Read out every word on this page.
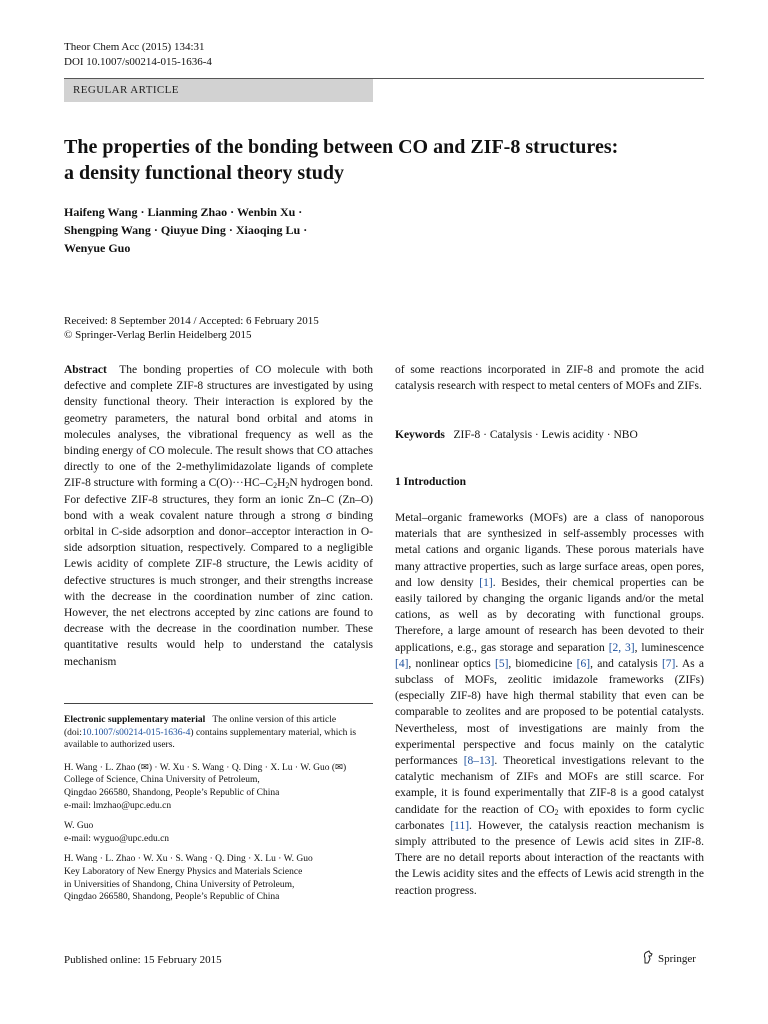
Theor Chem Acc (2015) 134:31
DOI 10.1007/s00214-015-1636-4
REGULAR ARTICLE
The properties of the bonding between CO and ZIF-8 structures:
a density functional theory study
Haifeng Wang · Lianming Zhao · Wenbin Xu ·
Shengping Wang · Qiuyue Ding · Xiaoqing Lu ·
Wenyue Guo
Received: 8 September 2014 / Accepted: 6 February 2015
© Springer-Verlag Berlin Heidelberg 2015

Abstract The bonding properties of CO molecule with both defective and complete ZIF-8 structures are investigated by using density functional theory. Their interaction is explored by the geometry parameters, the natural bond orbital and atoms in molecules analyses, the vibrational frequency as well as the binding energy of CO molecule. The result shows that CO attaches directly to one of the 2-methylimidazolate ligands of complete ZIF-8 structure with forming a $C(O)\cdot\cdot\cdot HC-C_2H_2N$ hydrogen bond. For defective ZIF-8 structures, they form an ionic Zn–C (Zn–O) bond with a weak covalent nature through a strong σ binding orbital in C-side adsorption and donor–acceptor interaction in O-side adsorption situation, respectively. Compared to a negligible Lewis acidity of complete ZIF-8 structure, the Lewis acidity of defective structures is much stronger, and their strengths increase with the decrease in the coordination number of zinc cation. However, the net electrons accepted by zinc cations are found to decrease with the decrease in the coordination number. These quantitative results would help to understand the catalysis mechanism

of some reactions incorporated in ZIF-8 and promote the acid catalysis research with respect to metal centers of MOFs and ZIFs.

Keywords ZIF-8 · Catalysis · Lewis acidity · NBO
1 Introduction

Metal–organic frameworks (MOFs) are a class of nanoporous materials that are synthesized in self-assembly processes with metal cations and organic ligands. These porous materials have many attractive properties, such as large surface areas, open pores, and low density [1]. Besides, their chemical properties can be easily tailored by changing the organic ligands and/or the metal cations, as well as by decorating with functional groups. Therefore, a large amount of research has been devoted to their applications, e.g., gas storage and separation [2, 3], luminescence [4], nonlinear optics [5], biomedicine [6], and catalysis [7]. As a subclass of MOFs, zeolitic imidazole frameworks (ZIFs) (especially ZIF-8) have high thermal stability that even can be comparable to zeolites and are proposed to be potential catalysts. Nevertheless, most of investigations are mainly from the experimental perspective and focus mainly on the catalytic performances [8–13]. Theoretical investigations relevant to the catalytic mechanism of ZIFs and MOFs are still scarce. For example, it is found experimentally that ZIF-8 is a good catalyst candidate for the reaction of $CO_2$ with epoxides to form cyclic carbonates [11]. However, the catalysis reaction mechanism is simply attributed to the presence of Lewis acid sites in ZIF-8. There are no detail reports about interaction of the reactants with the Lewis acidity sites and the effects of Lewis acid strength in the reaction progress.

Electronic supplementary material The online version of this article (doi:10.1007/s00214-015-1636-4) contains supplementary material, which is available to authorized users.

H. Wang · L. Zhao (✉) · W. Xu · S. Wang · Q. Ding · X. Lu · W. Guo (✉)
College of Science, China University of Petroleum,
Qingdao 266580, Shandong, People’s Republic of China
e-mail: lmzhao@upc.edu.cn

W. Guo
e-mail: wyguo@upc.edu.cn

H. Wang · L. Zhao · W. Xu · S. Wang · Q. Ding · X. Lu · W. Guo
Key Laboratory of New Energy Physics and Materials Science
in Universities of Shandong, China University of Petroleum,
Qingdao 266580, Shandong, People’s Republic of China

Published online: 15 February 2015	Springer
